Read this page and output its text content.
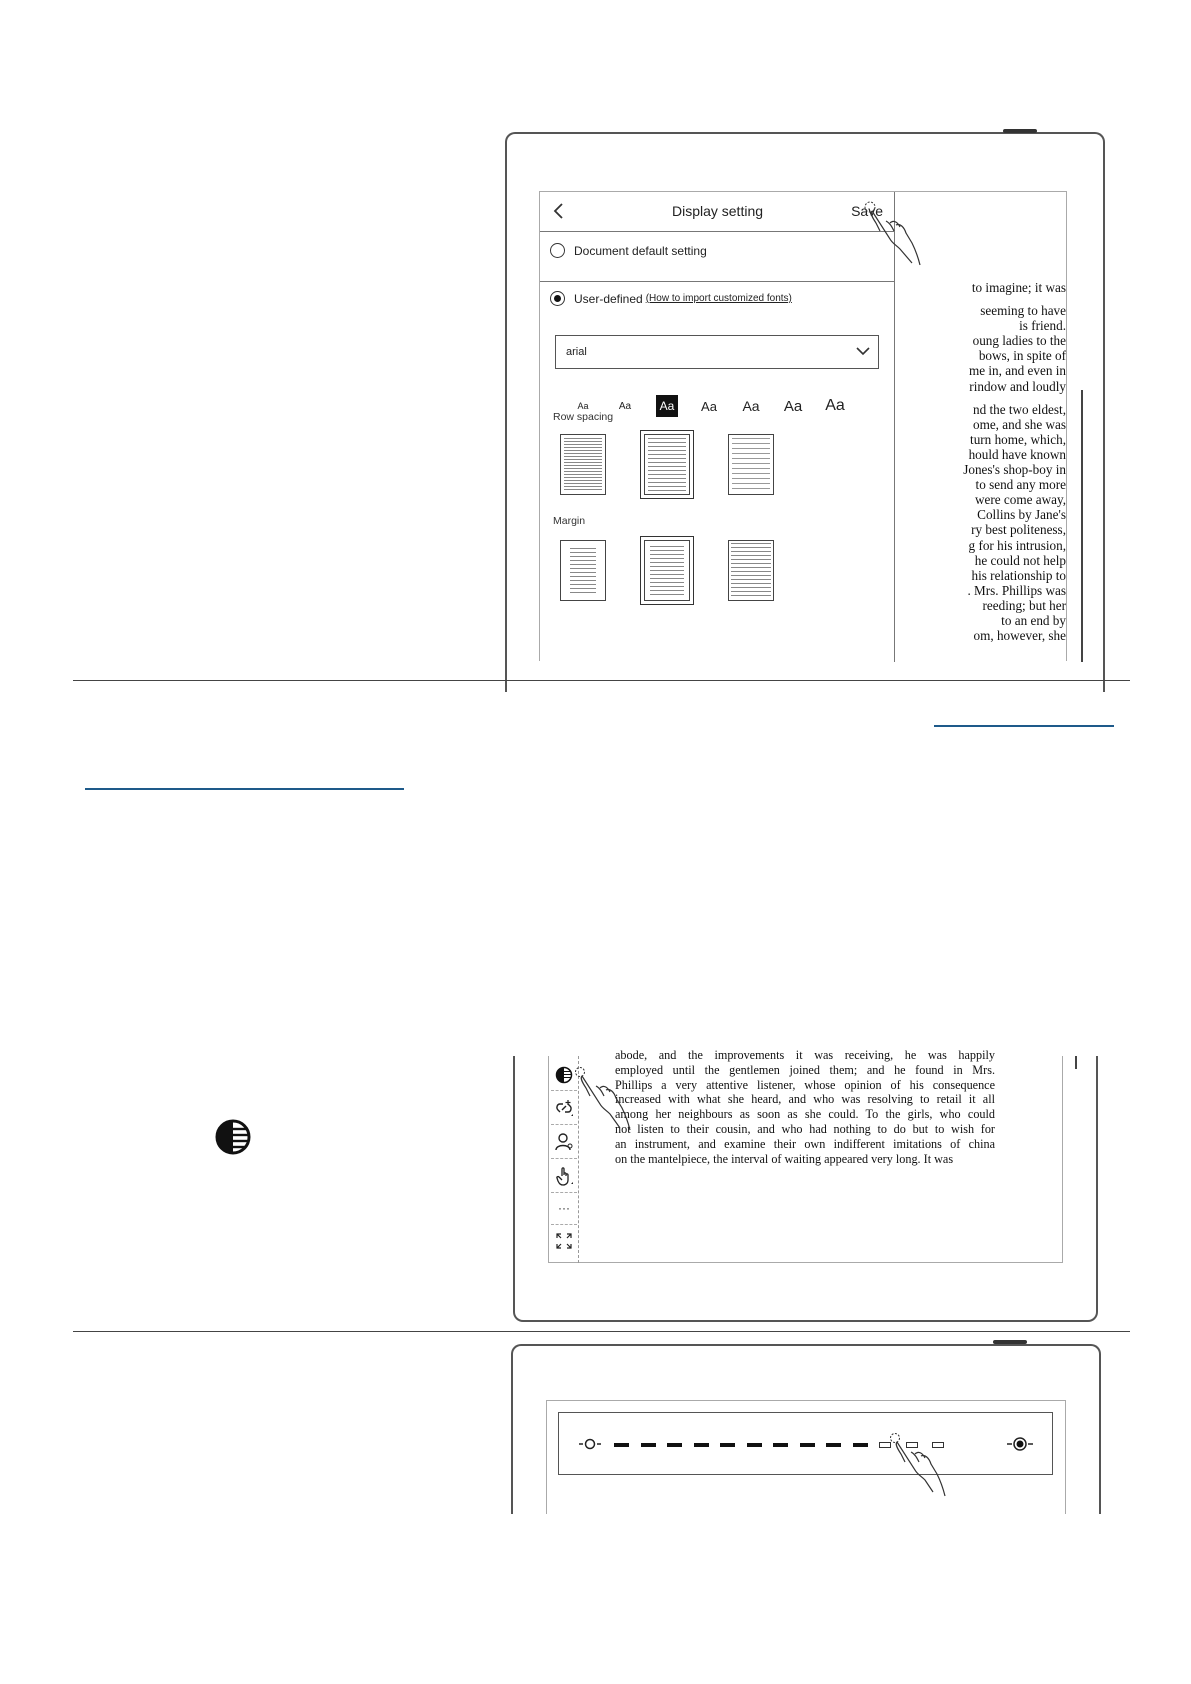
to imagine; it was
seeming to have
is friend.
oung ladies to the
bows, in spite of
me in, and even in
rindow and loudly
nd the two eldest,
ome, and she was
turn home, which,
hould have known
Jones's shop-boy in
to send any more
were come away,
Collins by Jane's
ry best politeness,
g for his intrusion,
he could not help
his relationship to
. Mrs. Phillips was
reeding; but her
to an end by
om, however, she
Display setting	Save
Document default setting
User-defined (How to import customized fonts)
arial
Aa	Aa	Aa Aa Aa Aa Aa
Row spacing
Margin
···
abode, and the improvements it was receiving, he was happily
employed until the gentlemen joined them; and he found in Mrs.
Phillips a very attentive listener, whose opinion of his consequence
increased with what she heard, and who was resolving to retail it all
among her neighbours as soon as she could. To the girls, who could
not listen to their cousin, and who had nothing to do but to wish for
an instrument, and examine their own indifferent imitations of china
on the mantelpiece, the interval of waiting appeared very long. It was
